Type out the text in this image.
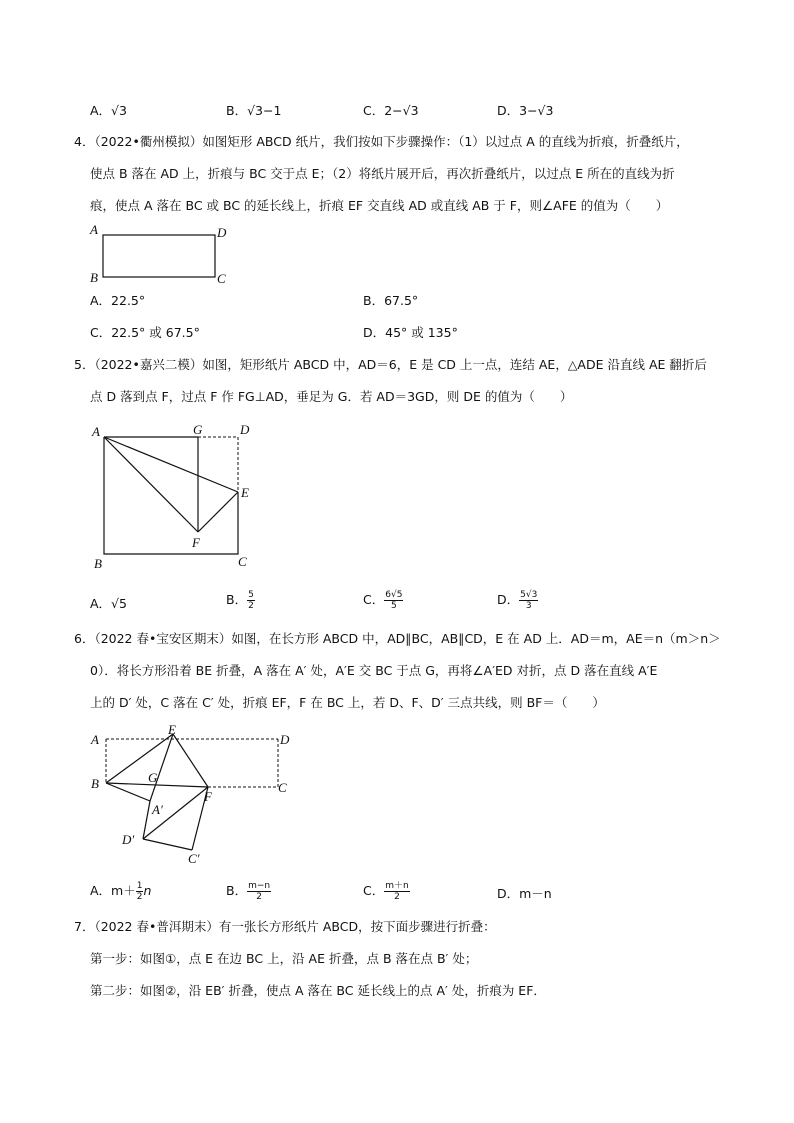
A．√3	B．√3−1	C．2−√3	D．3−√3
4．（2022•衢州模拟）如图矩形 ABCD 纸片，我们按如下步骤操作：（1）以过点 A 的直线为折痕，折叠纸片，
使点 B 落在 AD 上，折痕与 BC 交于点 E；（2）将纸片展开后，再次折叠纸片，以过点 E 所在的直线为折
痕，使点 A 落在 BC 或 BC 的延长线上，折痕 EF 交直线 AD 或直线 AB 于 F，则∠AFE 的值为（　　）
A	D
B	C
A．22.5°	B．67.5°
C．22.5° 或 67.5°	D．45° 或 135°
5．（2022•嘉兴二模）如图，矩形纸片 ABCD 中，AD＝6，E 是 CD 上一点，连结 AE，△ADE 沿直线 AE 翻折后
点 D 落到点 F，过点 F 作 FG⊥AD，垂足为 G．若 AD＝3GD，则 DE 的值为（　　）
A	G	D
E
F
B	C
A．√5	B． $\frac{5}{2}$	C． $\frac{6√5}{5}$	D． $\frac{5√3}{3}$
6．（2022 春•宝安区期末）如图，在长方形 ABCD 中，AD∥BC，AB∥CD，E 在 AD 上．AD＝m，AE＝n（m＞n＞
0）．将长方形沿着 BE 折叠，A 落在 A′ 处，A′E 交 BC 于点 G，再将∠A′ED 对折，点 D 落在直线 A′E
上的 D′ 处，C 落在 C′ 处，折痕 EF，F 在 BC 上，若 D、F、D′ 三点共线，则 BF＝（　　）
A
E
D
B	G
F
C
A′
D′
C′
A．$m+ \frac{1}{2}$ n	B． $\frac{m-n}{2}$	C． $\frac{m+n}{2}$	D．m－n
7．（2022 春•普洱期末）有一张长方形纸片 ABCD，按下面步骤进行折叠：
第一步：如图①，点 E 在边 BC 上，沿 AE 折叠，点 B 落在点 B′ 处；
第二步：如图②，沿 EB′ 折叠，使点 A 落在 BC 延长线上的点 A′ 处，折痕为 EF．
